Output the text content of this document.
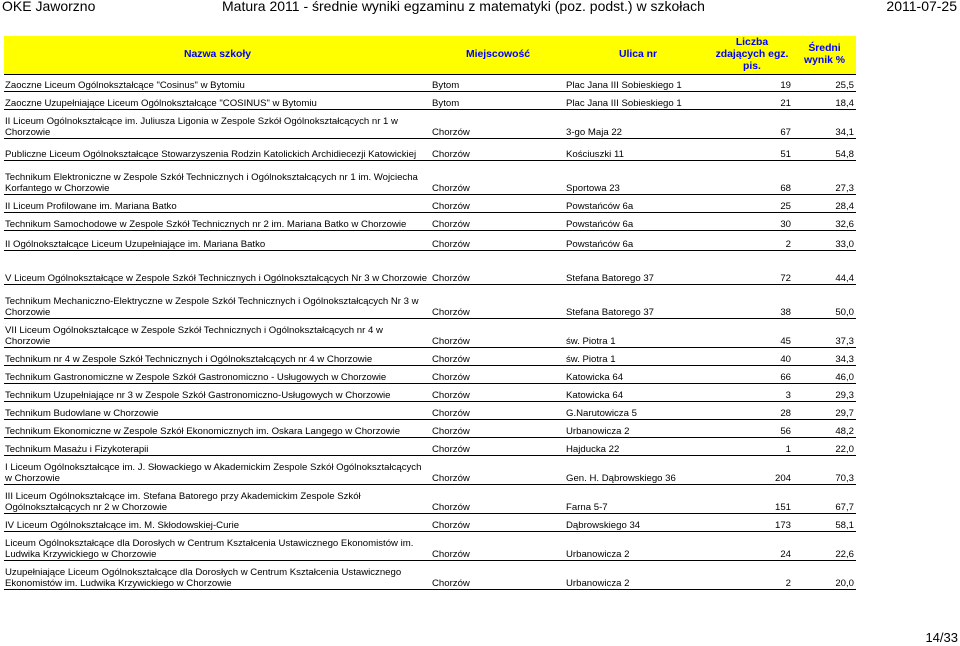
OKE Jaworzno	Matura 2011 - średnie wyniki egzaminu z matematyki (poz. podst.) w szkołach	2011-07-25
Nazwa szkoły	Miejscowość	Ulica nr	Liczba zdających egz. pis.	Średni wynik %
Zaoczne Liceum Ogólnokształcące "Cosinus" w Bytomiu	Bytom	Plac Jana III Sobieskiego 1	19	25,5
Zaoczne Uzupełniające Liceum Ogólnokształcące "COSINUS" w Bytomiu	Bytom	Plac Jana III Sobieskiego 1	21	18,4
II Liceum Ogólnokształcące im. Juliusza Ligonia w Zespole Szkół Ogólnokształcących nr 1 w Chorzowie	Chorzów	3-go Maja 22	67	34,1
Publiczne Liceum Ogólnokształcące Stowarzyszenia Rodzin Katolickich Archidiecezji Katowickiej	Chorzów	Kościuszki 11	51	54,8
Technikum Elektroniczne w Zespole Szkół Technicznych i Ogólnokształcących nr 1 im. Wojciecha Korfantego w Chorzowie	Chorzów	Sportowa 23	68	27,3
II Liceum Profilowane im. Mariana Batko	Chorzów	Powstańców 6a	25	28,4
Technikum Samochodowe w Zespole Szkół Technicznych nr 2 im. Mariana Batko w Chorzowie	Chorzów	Powstańców 6a	30	32,6
II Ogólnokształcące Liceum Uzupełniające im. Mariana Batko	Chorzów	Powstańców 6a	2	33,0
V Liceum Ogólnokształcące w Zespole Szkół Technicznych i Ogólnokształcących Nr 3 w Chorzowie	Chorzów	Stefana Batorego 37	72	44,4
Technikum Mechaniczno-Elektryczne w Zespole Szkół Technicznych i Ogólnokształcących Nr 3 w Chorzowie	Chorzów	Stefana Batorego 37	38	50,0
VII Liceum Ogólnokształcące w Zespole Szkół Technicznych i Ogólnokształcących nr 4 w Chorzowie	Chorzów	św. Piotra 1	45	37,3
Technikum nr 4 w Zespole Szkół Technicznych i Ogólnokształcących nr 4 w Chorzowie	Chorzów	św. Piotra 1	40	34,3
Technikum Gastronomiczne w Zespole Szkół Gastronomiczno - Usługowych w Chorzowie	Chorzów	Katowicka 64	66	46,0
Technikum Uzupełniające nr 3 w Zespole Szkół Gastronomiczno-Usługowych w Chorzowie	Chorzów	Katowicka 64	3	29,3
Technikum Budowlane w Chorzowie	Chorzów	G.Narutowicza 5	28	29,7
Technikum Ekonomiczne w Zespole Szkół Ekonomicznych im. Oskara Langego w Chorzowie	Chorzów	Urbanowicza 2	56	48,2
Technikum Masażu i Fizykoterapii	Chorzów	Hajducka 22	1	22,0
I Liceum Ogólnokształcące im. J. Słowackiego w Akademickim Zespole Szkół Ogólnokształcących w Chorzowie	Chorzów	Gen. H. Dąbrowskiego 36	204	70,3
III Liceum Ogólnokształcące im. Stefana Batorego przy Akademickim Zespole Szkół Ogólnokształcących nr 2 w Chorzowie	Chorzów	Farna 5-7	151	67,7
IV Liceum Ogólnokształcące im. M. Skłodowskiej-Curie	Chorzów	Dąbrowskiego 34	173	58,1
Liceum Ogólnokształcące dla Dorosłych w Centrum Kształcenia Ustawicznego Ekonomistów im. Ludwika Krzywickiego w Chorzowie	Chorzów	Urbanowicza 2	24	22,6
Uzupełniające Liceum Ogólnokształcące dla Dorosłych w Centrum Kształcenia Ustawicznego Ekonomistów im. Ludwika Krzywickiego w Chorzowie	Chorzów	Urbanowicza 2	2	20,0
14/33
